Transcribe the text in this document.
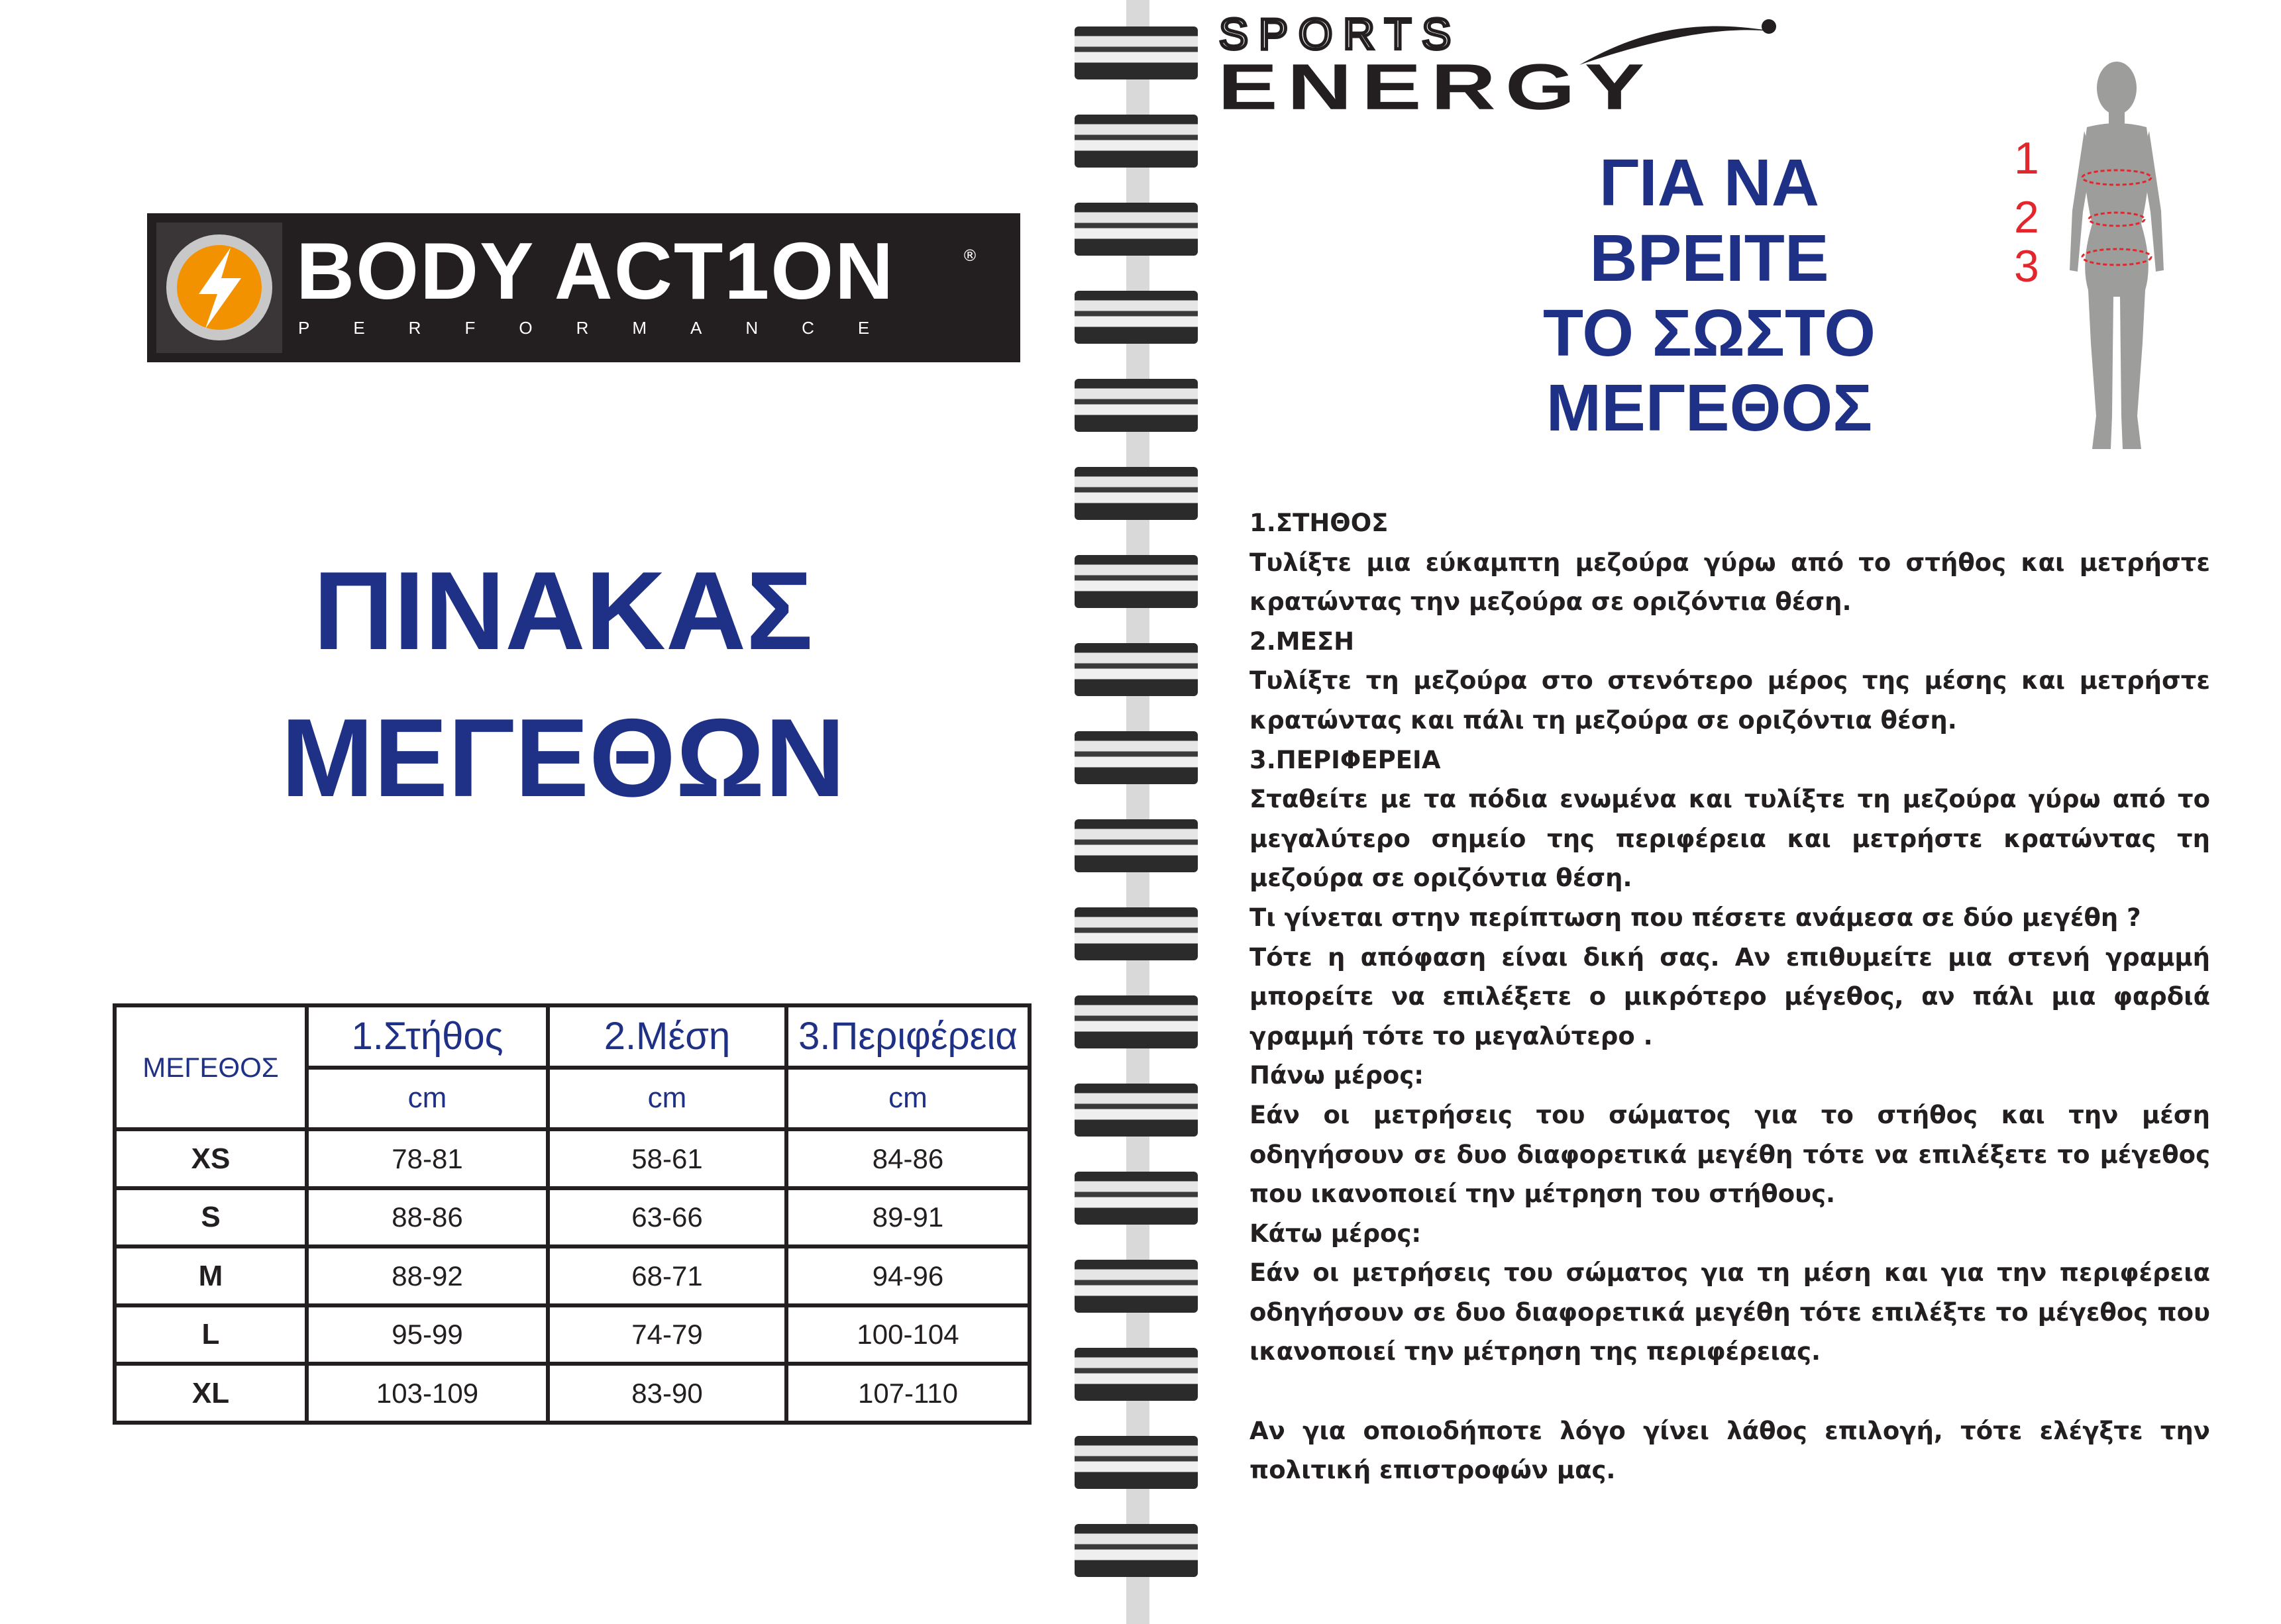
BODY ACT1ON	®
PERFORMANCE
ΠΙΝΑΚΑΣ
ΜΕΓΕΘΩΝ
ΜΕΓΕΘΟΣ	1.Στήθος	2.Μέση	3.Περιφέρεια
	cm	cm	cm
XS	78-81	58-61	84-86
S	88-86	63-66	89-91
M	88-92	68-71	94-96
L	95-99	74-79	100-104
XL	103-109	83-90	107-110
SPORTS
ENERGY
ΓΙΑ ΝΑ
ΒΡΕΙΤΕ
ΤΟ ΣΩΣΤΟ
ΜΕΓΕΘΟΣ
1
2
3

1.ΣΤΗΘΟΣ

Τυλίξτε μια εύκαμπτη μεζούρα γύρω από το στήθος και μετρήστε κρατώντας την μεζούρα σε οριζόντια θέση.

2.ΜΕΣΗ

Τυλίξτε τη μεζούρα στο στενότερο μέρος της μέσης και μετρήστε κρατώντας και πάλι τη μεζούρα σε οριζόντια θέση.

3.ΠΕΡΙΦΕΡΕΙΑ

Σταθείτε με τα πόδια ενωμένα και τυλίξτε τη μεζούρα γύρω από το μεγαλύτερο σημείο της περιφέρεια και μετρήστε κρατώντας τη μεζούρα σε οριζόντια θέση.

Τι γίνεται στην περίπτωση που πέσετε ανάμεσα σε δύο μεγέθη ?

Τότε η απόφαση είναι δική σας. Αν επιθυμείτε μια στενή γραμμή μπορείτε να επιλέξετε ο μικρότερο μέγεθος, αν πάλι μια φαρδιά γραμμή τότε το μεγαλύτερο .

Πάνω μέρος:

Εάν οι μετρήσεις του σώματος για το στήθος και την μέση οδηγήσουν σε δυο διαφορετικά μεγέθη τότε να επιλέξετε το μέγεθος που ικανοποιεί την μέτρηση του στήθους.

Κάτω μέρος:

Εάν οι μετρήσεις του σώματος για τη μέση και για την περιφέρεια οδηγήσουν σε δυο διαφορετικά μεγέθη τότε επιλέξτε το μέγεθος που ικανοποιεί την μέτρηση της περιφέρειας.

Αν για οποιοδήποτε λόγο γίνει λάθος επιλογή, τότε ελέγξτε την πολιτική επιστροφών μας.
